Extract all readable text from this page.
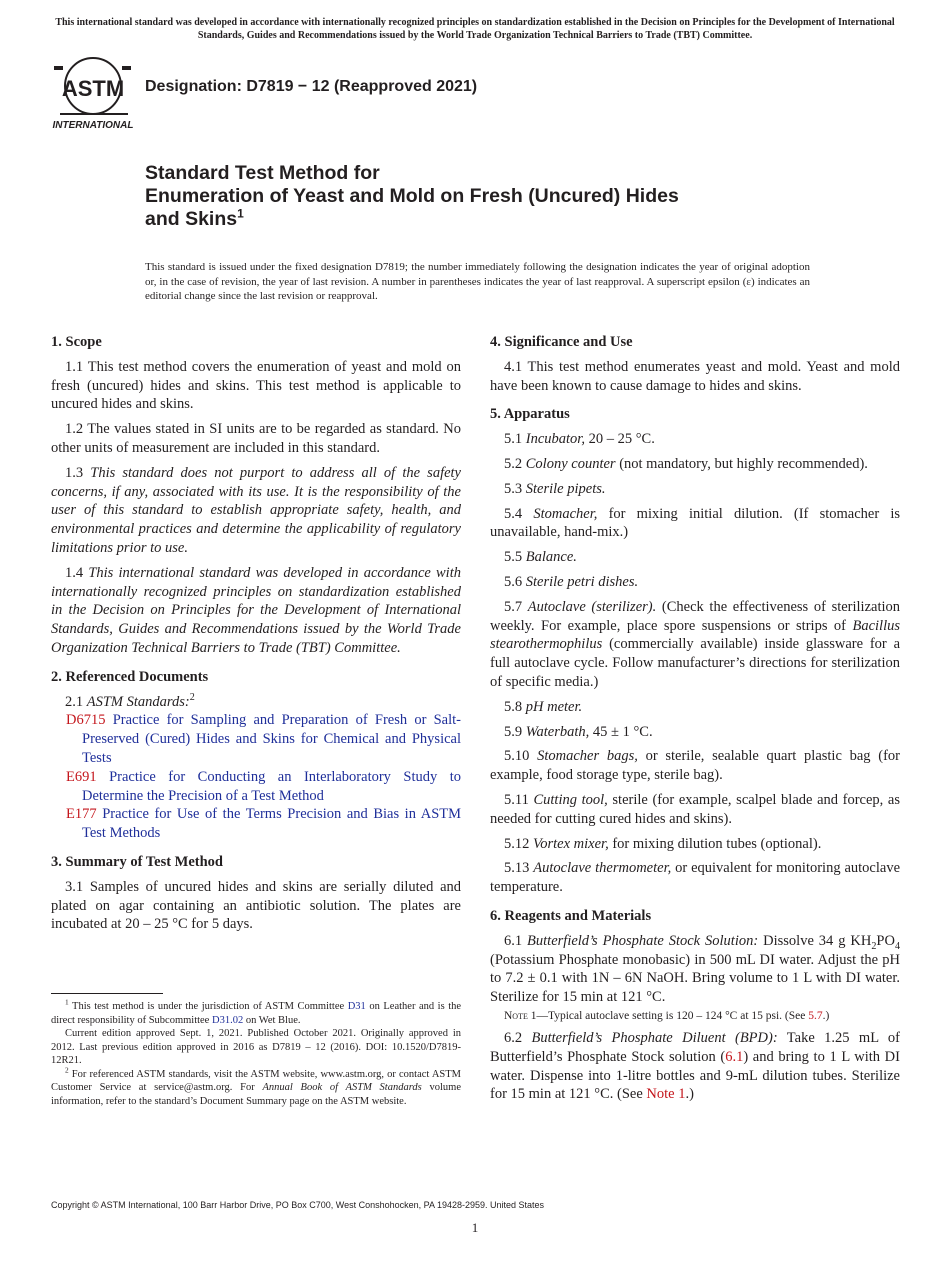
This international standard was developed in accordance with internationally recognized principles on standardization established in the Decision on Principles for the Development of International Standards, Guides and Recommendations issued by the World Trade Organization Technical Barriers to Trade (TBT) Committee.
ASTM
INTERNATIONAL
Designation: D7819 − 12 (Reapproved 2021)
Standard Test Method for
Enumeration of Yeast and Mold on Fresh (Uncured) Hides
and Skins$^1$
This standard is issued under the fixed designation D7819; the number immediately following the designation indicates the year of original adoption or, in the case of revision, the year of last revision. A number in parentheses indicates the year of last reapproval. A superscript epsilon (ε) indicates an editorial change since the last revision or reapproval.
1. Scope

1.1 This test method covers the enumeration of yeast and mold on fresh (uncured) hides and skins. This test method is applicable to uncured hides and skins.

1.2 The values stated in SI units are to be regarded as standard. No other units of measurement are included in this standard.

1.3 This standard does not purport to address all of the safety concerns, if any, associated with its use. It is the responsibility of the user of this standard to establish appropriate safety, health, and environmental practices and determine the applicability of regulatory limitations prior to use.

1.4 This international standard was developed in accordance with internationally recognized principles on standardization established in the Decision on Principles for the Development of International Standards, Guides and Recommendations issued by the World Trade Organization Technical Barriers to Trade (TBT) Committee.

2. Referenced Documents

2.1 ASTM Standards:$^2$

D6715 Practice for Sampling and Preparation of Fresh or Salt-Preserved (Cured) Hides and Skins for Chemical and Physical Tests
E691 Practice for Conducting an Interlaboratory Study to Determine the Precision of a Test Method
E177 Practice for Use of the Terms Precision and Bias in ASTM Test Methods
3. Summary of Test Method

3.1 Samples of uncured hides and skins are serially diluted and plated on agar containing an antibiotic solution. The plates are incubated at 20 – 25 °C for 5 days.

4. Significance and Use

4.1 This test method enumerates yeast and mold. Yeast and mold have been known to cause damage to hides and skins.

5. Apparatus

5.1 Incubator, 20 – 25 °C.

5.2 Colony counter (not mandatory, but highly recommended).

5.3 Sterile pipets.

5.4 Stomacher, for mixing initial dilution. (If stomacher is unavailable, hand-mix.)

5.5 Balance.

5.6 Sterile petri dishes.

5.7 Autoclave (sterilizer). (Check the effectiveness of sterilization weekly. For example, place spore suspensions or strips of Bacillus stearothermophilus (commercially available) inside glassware for a full autoclave cycle. Follow manufacturer’s directions for sterilization of specific media.)

5.8 pH meter.

5.9 Waterbath, 45 ± 1 °C.

5.10 Stomacher bags, or sterile, sealable quart plastic bag (for example, food storage type, sterile bag).

5.11 Cutting tool, sterile (for example, scalpel blade and forcep, as needed for cutting cured hides and skins).

5.12 Vortex mixer, for mixing dilution tubes (optional).

5.13 Autoclave thermometer, or equivalent for monitoring autoclave temperature.

6. Reagents and Materials

6.1 Butterfield’s Phosphate Stock Solution: Dissolve 34 g $KH_2PO_4$ (Potassium Phosphate monobasic) in 500 mL DI water. Adjust the pH to 7.2 ± 0.1 with 1N – 6N NaOH. Bring volume to 1 L with DI water. Sterilize for 15 min at 121 °C.

Note 1—Typical autoclave setting is 120 – 124 °C at 15 psi. (See 5.7.)

6.2 Butterfield’s Phosphate Diluent (BPD): Take 1.25 mL of Butterfield’s Phosphate Stock solution (6.1) and bring to 1 L with DI water. Dispense into 1-litre bottles and 9-mL dilution tubes. Sterilize for 15 min at 121 °C. (See Note 1.)

$^1$ This test method is under the jurisdiction of ASTM Committee D31 on Leather and is the direct responsibility of Subcommittee D31.02 on Wet Blue.

Current edition approved Sept. 1, 2021. Published October 2021. Originally approved in 2012. Last previous edition approved in 2016 as D7819 – 12 (2016). DOI: 10.1520/D7819-12R21.

$^2$ For referenced ASTM standards, visit the ASTM website, www.astm.org, or contact ASTM Customer Service at service@astm.org. For Annual Book of ASTM Standards volume information, refer to the standard’s Document Summary page on the ASTM website.

Copyright © ASTM International, 100 Barr Harbor Drive, PO Box C700, West Conshohocken, PA 19428-2959. United States
1
